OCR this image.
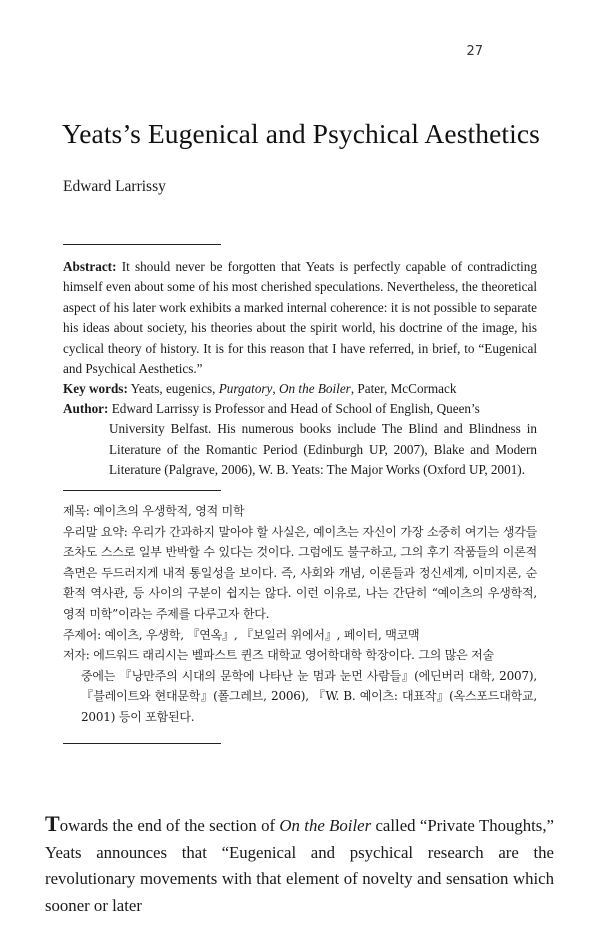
27
Yeats’s Eugenical and Psychical Aesthetics
Edward Larrissy
Abstract: It should never be forgotten that Yeats is perfectly capable of contradicting himself even about some of his most cherished speculations. Nevertheless, the theoretical aspect of his later work exhibits a marked internal coherence: it is not possible to separate his ideas about society, his theories about the spirit world, his doctrine of the image, his cyclical theory of history. It is for this reason that I have referred, in brief, to “Eugenical and Psychical Aesthetics.”
Key words: Yeats, eugenics, Purgatory, On the Boiler, Pater, McCormack
Author: Edward Larrissy is Professor and Head of School of English, Queen’s
University Belfast. His numerous books include The Blind and Blindness in Literature of the Romantic Period (Edinburgh UP, 2007), Blake and Modern Literature (Palgrave, 2006), W. B. Yeats: The Major Works (Oxford UP, 2001).
제목: 예이츠의 우생학적, 영적 미학
우리말 요약: 우리가 간과하지 말아야 할 사실은, 예이츠는 자신이 가장 소중히 여기는 생각들조차도 스스로 일부 반박할 수 있다는 것이다. 그럼에도 불구하고, 그의 후기 작품들의 이론적 측면은 두드러지게 내적 통일성을 보이다. 즉, 사회와 개념, 이론들과 정신세계, 이미지론, 순환적 역사관, 등 사이의 구분이 쉽지는 않다. 이런 이유로, 나는 간단히 “예이츠의 우생학적, 영적 미학”이라는 주제를 다루고자 한다.
주제어: 예이츠, 우생학, 『연옥』, 『보일러 위에서』, 페이터, 맥코맥
저자: 에드워드 래리시는 벨파스트 퀸즈 대학교 영어학대학 학장이다. 그의 많은 저술
중에는 『낭만주의 시대의 문학에 나타난 눈 멈과 눈먼 사람들』(에딘버러 대학, 2007), 『블레이트와 현대문학』(폴그레브, 2006), 『W. B. 예이츠: 대표작』(옥스포드대학교, 2001) 등이 포함된다.
Towards the end of the section of On the Boiler called “Private Thoughts,” Yeats announces that “Eugenical and psychical research are the revolutionary movements with that element of novelty and sensation which sooner or later
